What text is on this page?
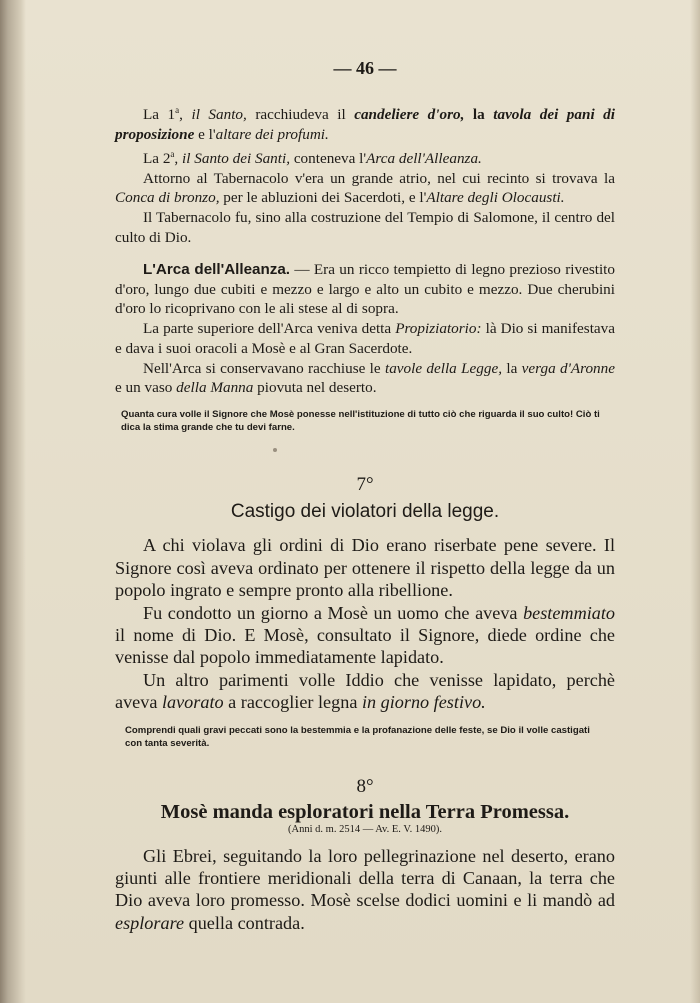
— 46 —

La 1$^a$, il Santo, racchiudeva il candeliere d'oro, la tavola dei pani di proposizione e l'altare dei profumi.

La 2$^a$, il Santo dei Santi, conteneva l'Arca dell'Alleanza.

Attorno al Tabernacolo v'era un grande atrio, nel cui recinto si trovava la Conca di bronzo, per le abluzioni dei Sacerdoti, e l'Altare degli Olocausti.

Il Tabernacolo fu, sino alla costruzione del Tempio di Salomone, il centro del culto di Dio.

L'Arca dell'Alleanza. — Era un ricco tempietto di legno prezioso rivestito d'oro, lungo due cubiti e mezzo e largo e alto un cubito e mezzo. Due cherubini d'oro lo ricoprivano con le ali stese al di sopra.

La parte superiore dell'Arca veniva detta Propiziatorio: là Dio si manifestava e dava i suoi oracoli a Mosè e al Gran Sacerdote.

Nell'Arca si conservavano racchiuse le tavole della Legge, la verga d'Aronne e un vaso della Manna piovuta nel deserto.

Quanta cura volle il Signore che Mosè ponesse nell'istituzione di tutto ciò che riguarda il suo culto! Ciò ti dica la stima grande che tu devi farne.
7°
Castigo dei violatori della legge.

A chi violava gli ordini di Dio erano riserbate pene severe. Il Signore così aveva ordinato per ottenere il rispetto della legge da un popolo ingrato e sempre pronto alla ribellione.

Fu condotto un giorno a Mosè un uomo che aveva bestemmiato il nome di Dio. E Mosè, consultato il Signore, diede ordine che venisse dal popolo immediatamente lapidato.

Un altro parimenti volle Iddio che venisse lapidato, perchè aveva lavorato a raccoglier legna in giorno festivo.

Comprendi quali gravi peccati sono la bestemmia e la profanazione delle feste, se Dio il volle castigati con tanta severità.
8°
Mosè manda esploratori nella Terra Promessa.
(Anni d. m. 2514 — Av. E. V. 1490).

Gli Ebrei, seguitando la loro pellegrinazione nel deserto, erano giunti alle frontiere meridionali della terra di Canaan, la terra che Dio aveva loro promesso. Mosè scelse dodici uomini e li mandò ad esplorare quella contrada.
